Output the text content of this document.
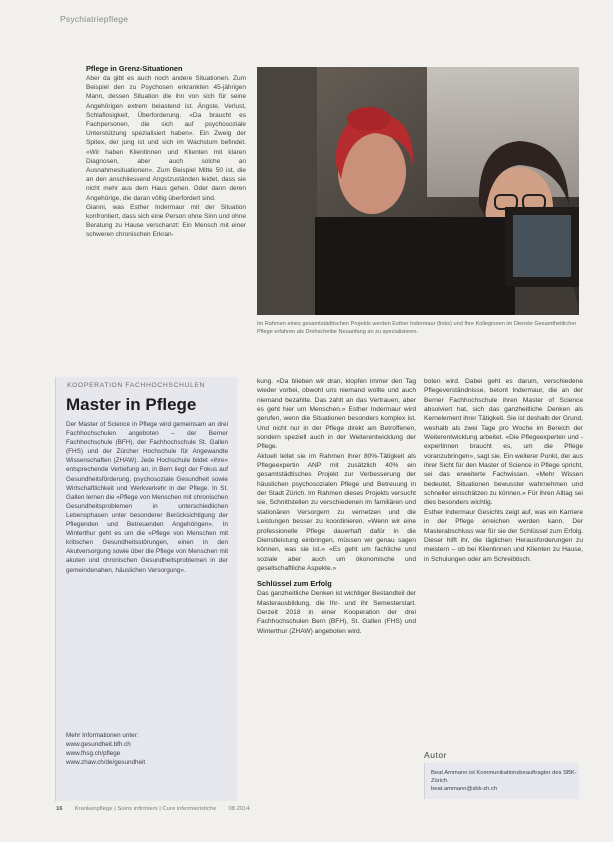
Psychiatriepflege
Pflege in Grenz-Situationen

Aber da gibt es auch noch andere Situationen. Zum Beispiel den zu Psychosen erkrankten 45-jährigen Mann, dessen Situation die ihn von sich für seine Angehörigen extrem belastend ist. Ängste, Verlust, Schlaflosigkeit, Überforderung. «Da braucht es Fachpersonen, die sich auf psychosoziale Unterstützung spezialisiert haben». Ein Zweig der Spitex, der jung ist und sich im Wachstum befindet. «Wir haben Klientinnen und Klienten mit klaren Diagnosen, aber auch solche an Ausnahmesituationen». Zum Beispiel Mitte 50 ist, die an den anschliessend Angstzuständen leidet, dass sie nicht mehr aus dem Haus gehen. Oder dann deren Angehörige, die daran völlig überfordert sind.

Gianni, was Esther Indermaur mit der Situation konfrontiert, dass sich eine Person ohne Sinn und ohne Beratung zu Hause verschanzt: Ein Mensch mit einer schweren chronischen Erkran-

Im Rahmen eines gesamtstädtischen Projekts werden Esther Indermaur (links) und Ihre Kolleginnen im Dienste Gesamtheitlicher Pflege erfahren als Drehscheibe Neuanfang an zu spezialisieren.
KOOPERATION FACHHOCHSCHULEN
Master in Pflege

Der Master of Science in Pflege wird gemeinsam an drei Fachhochschulen angeboten – der Berner Fachhochschule (BFH), der Fachhochschule St. Gallen (FHS) und der Zürcher Hochschule für Angewandte Wissenschaften (ZHAW). Jede Hochschule bildet «ihre» entsprechende Vertiefung an, in Bern liegt der Fokus auf Gesundheitsförderung, psychosoziale Gesundheit sowie Wirtschaftlichkeit und Werkverkehr in der Pflege. In St. Gallen lernen die «Pflege von Menschen mit chronischen Gesundheitsproblemen in unterschiedlichen Lebensphasen unter besonderer Berücksichtigung der Pflegenden und Betreuenden Angehörigen». In Winterthur geht es um die «Pflege von Menschen mit kritischen Gesundheitsstörungen, einen in den Akutversorgung sowie über die Pflege von Menschen mit akuten und chronischen Gesundheitsproblemen in der gemeindenahen, häuslichen Versorgung».

Mehr Informationen unter:
www.gesundheit.bfh.ch
www.fhsg.ch/pflege
www.zhaw.ch/de/gesundheit

kung. «Da blieben wir dran, klopfen immer den Tag wieder vorbei, obwohl uns niemand wollte und auch niemand bezahlte. Das zahlt an das Vertrauen, aber es geht hier um Menschen.» Esther Indermaur wird gerufen, wenn die Situationen besonders komplex ist. Und nicht nur in der Pflege direkt am Betroffenen, sondern speziell auch in der Weiterentwicklung der Pflege.

Aktuell leitet sie im Rahmen ihrer 80%-Tätigkeit als Pflegeexpertin ANP mit zusätzlich 40% ein gesamtstädtisches Projekt zur Verbesserung der häuslichen psychosozialen Pflege und Betreuung in der Stadt Zürich. Im Rahmen dieses Projekts versucht sie, Schnittstellen zu verschiedenen im familiären und stationären Versorgern zu vernetzen und die Leistungen besser zu koordinieren. «Wenn wir eine professionelle Pflege dauerhaft dafür in die Dienstleistung einbringen, müssen wir genau sagen können, was sie ist.» «Es geht um fachliche und soziale aber auch um ökonomische und gesellschaftliche Aspekte.»

Schlüssel zum Erfolg

Das ganzheitliche Denken ist wichtiger Bestandteil der Masterausbildung, die Ihr- und ihr Semesterstart. Derzeit 2018 in einer Kooperation der drei Fachhochschulen Bern (BFH), St. Gallen (FHS) und Winterthur (ZHAW) angeboten wird.

boten wird. Dabei geht es darum, verschiedene Pflegeverständnisse, betont Indermaur, die an der Berner Fachhochschule ihren Master of Science absolviert hat, sich das ganzheitliche Denken als Kernelement ihrer Tätigkeit. Sie ist deshalb der Grund, weshalb als zwei Tage pro Woche im Bereich der Weiterentwicklung arbeitet. «Die Pflegeexperten und -expertinnen braucht es, um die Pflege voranzubringen», sagt sie. Ein weiterer Punkt, der aus ihrer Sicht für den Master of Science in Pflege spricht, sei das erweiterte Fachwissen. «Mehr Wissen bedeutet, Situationen bewusster wahrnehmen und schneller einschätzen zu können.» Für ihren Alltag sei dies besonders wichtig.

Esther Indermaur Gesichts zeigt auf, was ein Karriere in der Pflege erreichen werden kann. Der Masterabschluss war für sie der Schlüssel zum Erfolg. Dieser hilft ihr, die täglichen Herausforderungen zu meistern – ob bei Klientinnen und Klienten zu Hause, in Schulungen oder am Schreibtisch.

Autor
Beat Ammann ist Kommunikationsbeauftragter des SBK-Zürich.
beat.ammann@sbk-zh.ch
16 Krankenpflege | Soins infirmiers | Cure infermieristiche 08 2014
